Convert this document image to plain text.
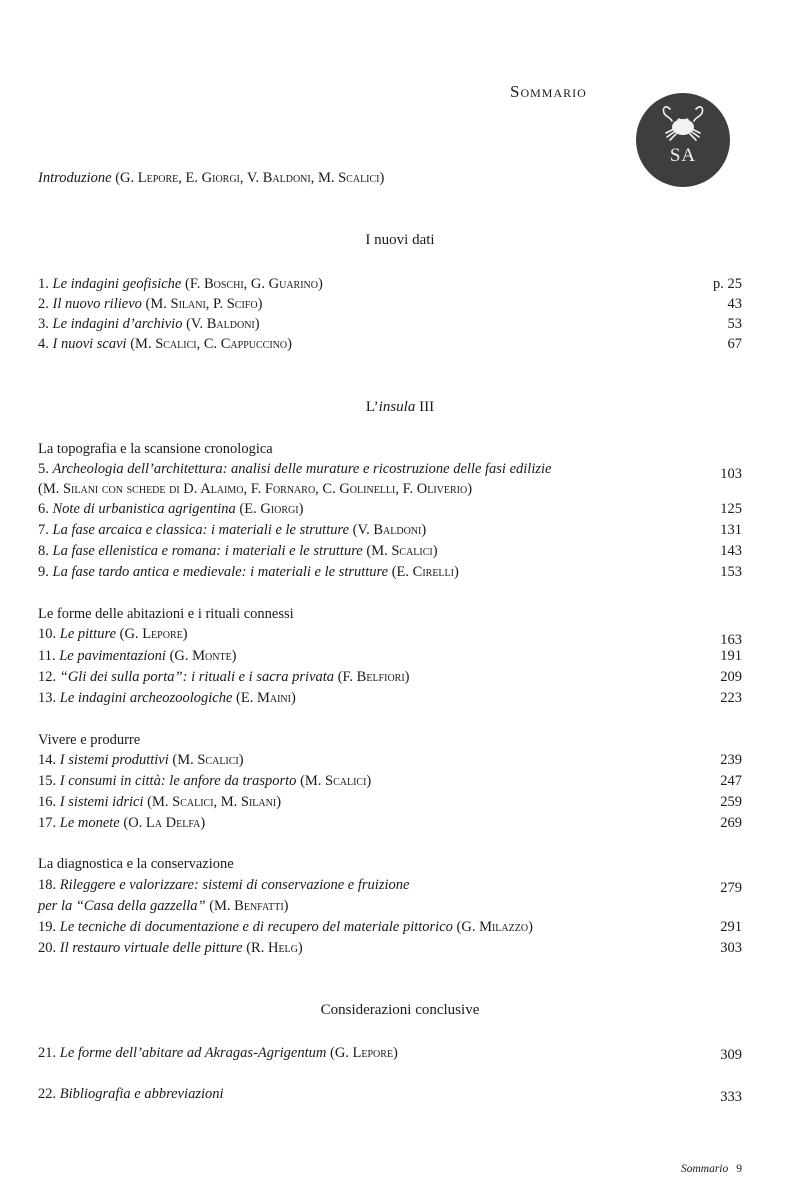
Sommario
SA
Introduzione (G. Lepore, E. Giorgi, V. Baldoni, M. Scalici)
I nuovi dati
1. Le indagini geofisiche (F. Boschi, G. Guarino)	p. 25
2. Il nuovo rilievo (M. Silani, P. Scifo)	43
3. Le indagini d’archivio (V. Baldoni)	53
4. I nuovi scavi (M. Scalici, C. Cappuccino)	67
L’insula III
La topografia e la scansione cronologica
5. Archeologia dell’architettura: analisi delle murature e ricostruzione delle fasi edilizie	103
(M. Silani con schede di D. Alaimo, F. Fornaro, C. Golinelli, F. Oliverio)
6. Note di urbanistica agrigentina (E. Giorgi)	125
7. La fase arcaica e classica: i materiali e le strutture (V. Baldoni)	131
8. La fase ellenistica e romana: i materiali e le strutture (M. Scalici)	143
9. La fase tardo antica e medievale: i materiali e le strutture (E. Cirelli)	153
Le forme delle abitazioni e i rituali connessi
10. Le pitture (G. Lepore)	163
11. Le pavimentazioni (G. Monte)	191
12. “Gli dei sulla porta”: i rituali e i sacra privata (F. Belfiori)	209
13. Le indagini archeozoologiche (E. Maini)	223
Vivere e produrre
14. I sistemi produttivi (M. Scalici)	239
15. I consumi in città: le anfore da trasporto (M. Scalici)	247
16. I sistemi idrici (M. Scalici, M. Silani)	259
17. Le monete (O. La Delfa)	269
La diagnostica e la conservazione
18. Rileggere e valorizzare: sistemi di conservazione e fruizione	279
per la “Casa della gazzella” (M. Benfatti)
19. Le tecniche di documentazione e di recupero del materiale pittorico (G. Milazzo)	291
20. Il restauro virtuale delle pitture (R. Helg)	303
Considerazioni conclusive
21. Le forme dell’abitare ad Akragas-Agrigentum (G. Lepore)	309
22. Bibliografia e abbreviazioni	333
Sommario 9
